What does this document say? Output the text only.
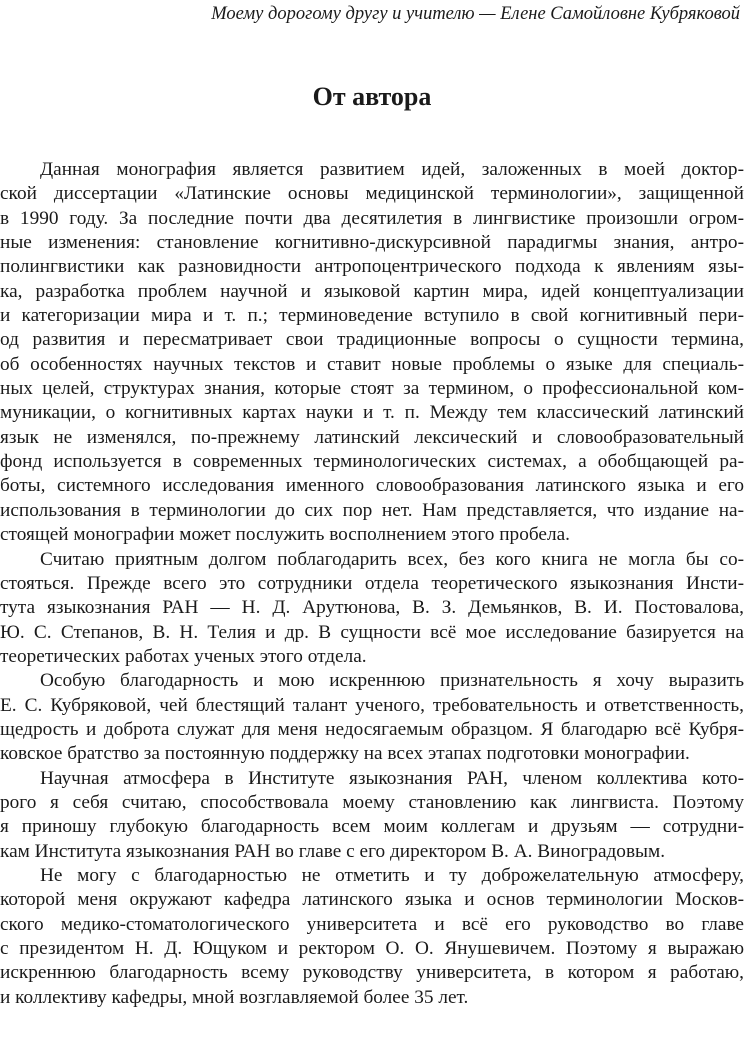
Моему дорогому другу и учителю — Елене Самойловне Кубряковой
От автора

Данная монография является развитием идей, заложенных в моей доктор-
ской диссертации «Латинские основы медицинской терминологии», защищенной
в 1990 году. За последние почти два десятилетия в лингвистике произошли огром-
ные изменения: становление когнитивно-дискурсивной парадигмы знания, антро-
полингвистики как разновидности антропоцентрического подхода к явлениям язы-
ка, разработка проблем научной и языковой картин мира, идей концептуализации
и категоризации мира и т. п.; терминоведение вступило в свой когнитивный пери-
од развития и пересматривает свои традиционные вопросы о сущности термина,
об особенностях научных текстов и ставит новые проблемы о языке для специаль-
ных целей, структурах знания, которые стоят за термином, о профессиональной ком-
муникации, о когнитивных картах науки и т. п. Между тем классический латинский
язык не изменялся, по-прежнему латинский лексический и словообразовательный
фонд используется в современных терминологических системах, а обобщающей ра-
боты, системного исследования именного словообразования латинского языка и его
использования в терминологии до сих пор нет. Нам представляется, что издание на-
стоящей монографии может послужить восполнением этого пробела.

Считаю приятным долгом поблагодарить всех, без кого книга не могла бы со-
стояться. Прежде всего это сотрудники отдела теоретического языкознания Инсти-
тута языкознания РАН — Н. Д. Арутюнова, В. З. Демьянков, В. И. Постовалова,
Ю. С. Степанов, В. Н. Телия и др. В сущности всё мое исследование базируется на
теоретических работах ученых этого отдела.

Особую благодарность и мою искреннюю признательность я хочу выразить
Е. С. Кубряковой, чей блестящий талант ученого, требовательность и ответственность,
щедрость и доброта служат для меня недосягаемым образцом. Я благодарю всё Кубря-
ковское братство за постоянную поддержку на всех этапах подготовки монографии.

Научная атмосфера в Институте языкознания РАН, членом коллектива кото-
рого я себя считаю, способствовала моему становлению как лингвиста. Поэтому
я приношу глубокую благодарность всем моим коллегам и друзьям — сотрудни-
кам Института языкознания РАН во главе с его директором В. А. Виноградовым.

Не могу с благодарностью не отметить и ту доброжелательную атмосферу,
которой меня окружают кафедра латинского языка и основ терминологии Москов-
ского медико-стоматологического университета и всё его руководство во главе
с президентом Н. Д. Ющуком и ректором О. О. Янушевичем. Поэтому я выражаю
искреннюю благодарность всему руководству университета, в котором я работаю,
и коллективу кафедры, мной возглавляемой более 35 лет.
